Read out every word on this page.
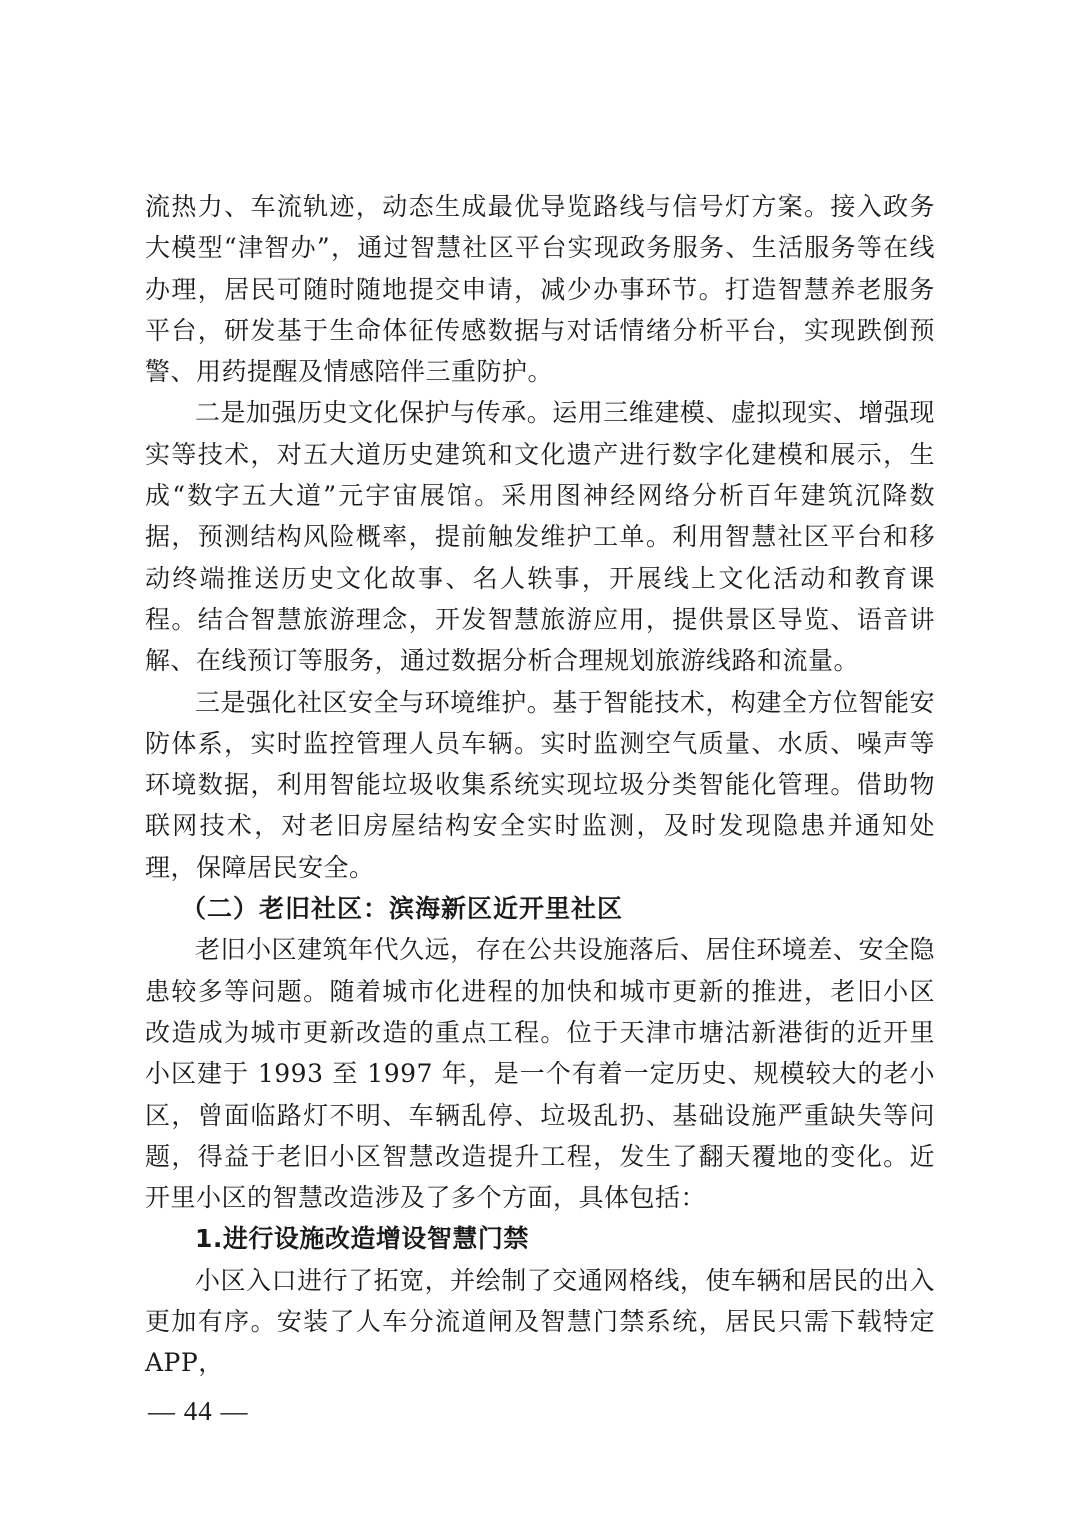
流热力、车流轨迹，动态生成最优导览路线与信号灯方案。接入政务大模型“津智办”，通过智慧社区平台实现政务服务、生活服务等在线办理，居民可随时随地提交申请，减少办事环节。打造智慧养老服务平台，研发基于生命体征传感数据与对话情绪分析平台，实现跌倒预警、用药提醒及情感陪伴三重防护。

二是加强历史文化保护与传承。运用三维建模、虚拟现实、增强现实等技术，对五大道历史建筑和文化遗产进行数字化建模和展示，生成“数字五大道”元宇宙展馆。采用图神经网络分析百年建筑沉降数据，预测结构风险概率，提前触发维护工单。利用智慧社区平台和移动终端推送历史文化故事、名人轶事，开展线上文化活动和教育课程。结合智慧旅游理念，开发智慧旅游应用，提供景区导览、语音讲解、在线预订等服务，通过数据分析合理规划旅游线路和流量。

三是强化社区安全与环境维护。基于智能技术，构建全方位智能安防体系，实时监控管理人员车辆。实时监测空气质量、水质、噪声等环境数据，利用智能垃圾收集系统实现垃圾分类智能化管理。借助物联网技术，对老旧房屋结构安全实时监测，及时发现隐患并通知处理，保障居民安全。

（二）老旧社区：滨海新区近开里社区

老旧小区建筑年代久远，存在公共设施落后、居住环境差、安全隐患较多等问题。随着城市化进程的加快和城市更新的推进，老旧小区改造成为城市更新改造的重点工程。位于天津市塘沽新港街的近开里小区建于 1993 至 1997 年，是一个有着一定历史、规模较大的老小区，曾面临路灯不明、车辆乱停、垃圾乱扔、基础设施严重缺失等问题，得益于老旧小区智慧改造提升工程，发生了翻天覆地的变化。近开里小区的智慧改造涉及了多个方面，具体包括：

1.进行设施改造增设智慧门禁

小区入口进行了拓宽，并绘制了交通网格线，使车辆和居民的出入更加有序。安装了人车分流道闸及智慧门禁系统，居民只需下载特定APP，

— 44 —
